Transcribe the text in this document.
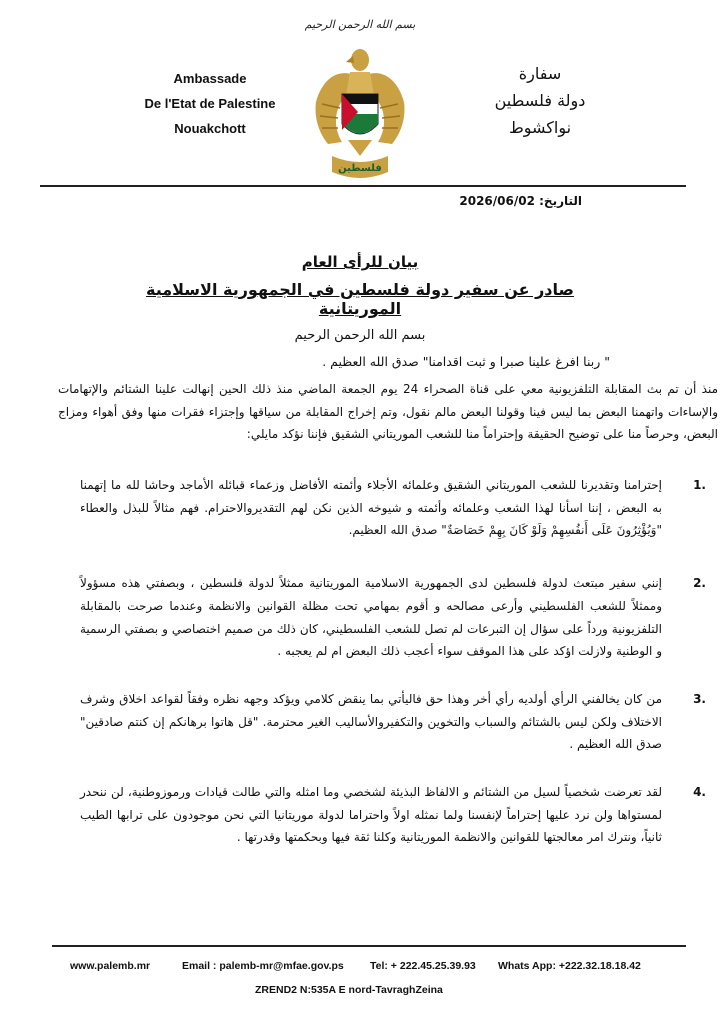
بسم الله الرحمن الرحيم
Ambassade
De l'Etat de Palestine
Nouakchott
فلسطين
سفارة
دولة فلسطين
نواكشوط
التاريخ: 2026/06/02
بيان للرأى العام
صادر عن سفير دولة فلسطين في الجمهورية الاسلامية الموريتانية
بسم الله الرحمن الرحيم
" ربنا افرغ علينا صبرا و ثبت اقدامنا" صدق الله العظيم .
منذ أن تم بث المقابلة التلفزيونية معي على قناة الصحراء 24 يوم الجمعة الماضي منذ ذلك الحين إنهالت علينا الشتائم والإتهامات والإساءات واتهمنا البعض بما ليس فينا وقولنا البعض مالم نقول، وتم إخراج المقابلة من سياقها وإجتزاء فقرات منها وفق أهواء ومزاج البعض، وحرصاً منا على توضيح الحقيقة وإحتراماً منا للشعب الموريتاني الشقيق فإننا نؤكد مايلي:
1.
إحترامنا وتقديرنا للشعب الموريتاني الشقيق وعلمائه الأجلاء وأئمته الأفاضل وزعماء قبائله الأماجد وحاشا لله ما إتهمنا به البعض ، إننا اسأنا لهذا الشعب وعلمائه وأئمته و شيوخه الذين نكن لهم التقديروالاحترام. فهم مثالاً للبذل والعطاء "وَيُؤْثِرُونَ عَلَى أَنفُسِهِمْ وَلَوْ كَانَ بِهِمْ خَصَاصَةٌ" صدق الله العظيم.
2.
إنني سفير مبتعث لدولة فلسطين لدى الجمهورية الاسلامية الموريتانية ممثلاً لدولة فلسطين ، وبصفتي هذه مسؤولاً وممثلاً للشعب الفلسطيني وأرعى مصالحه و أقوم بمهامي تحت مظلة القوانين والانظمة وعندما صرحت بالمقابلة التلفزيونية ورداً على سؤال إن التبرعات لم تصل للشعب الفلسطيني، كان ذلك من صميم اختصاصي و بصفتي الرسمية و الوطنية ولازلت اؤكد على هذا الموقف سواء أعجب ذلك البعض ام لم يعجبه .
3.
من كان يخالفني الرأي أولديه رأي أخر وهذا حق فاليأتي بما ينقض كلامي ويؤكد وجهه نظره وفقاً لقواعد اخلاق وشرف الاختلاف ولكن ليس بالشتائم والسباب والتخوين والتكفيروالأساليب الغير محترمة. "قل هاتوا برهانكم إن كنتم صادقين" صدق الله العظيم .
4.
لقد تعرضت شخصياً لسيل من الشتائم و الالفاظ البذيئة لشخصي وما امثله والتي طالت قيادات ورموزوطنية، لن ننحدر لمستواها ولن نرد عليها إحتراماً لإنفسنا ولما نمثله اولاً واحتراما لدولة موريتانيا التي نحن موجودون على ترابها الطيب ثانياً، ونترك امر معالجتها للقوانين والانظمة الموريتانية وكلنا ثقة فيها وبحكمتها وقدرتها .
www.palemb.mr	Email : palemb-mr@mfae.gov.ps Tel: + 222.45.25.39.93 Whats App: +222.32.18.18.42
ZREND2 N:535A E nord-TavraghZeina
